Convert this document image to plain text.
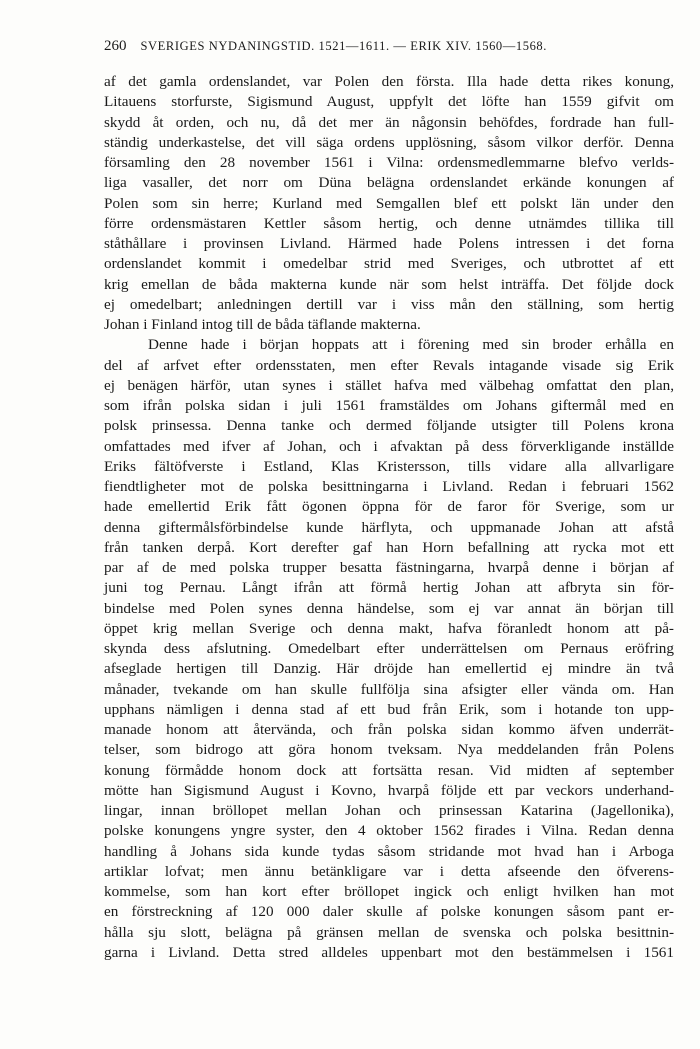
260 SVERIGES NYDANINGSTID. 1521—1611. — ERIK XIV. 1560—1568.
af det gamla ordenslandet, var Polen den första. Illa hade detta rikes konung,
Litauens storfurste, Sigismund August, uppfylt det löfte han 1559 gifvit om
skydd åt orden, och nu, då det mer än någonsin behöfdes, fordrade han full-
ständig underkastelse, det vill säga ordens upplösning, såsom vilkor derför. Denna
församling den 28 november 1561 i Vilna: ordensmedlemmarne blefvo verlds-
liga vasaller, det norr om Düna belägna ordenslandet erkände konungen af
Polen som sin herre; Kurland med Semgallen blef ett polskt län under den
förre ordensmästaren Kettler såsom hertig, och denne utnämdes tillika till
ståthållare i provinsen Livland. Härmed hade Polens intressen i det forna
ordenslandet kommit i omedelbar strid med Sveriges, och utbrottet af ett
krig emellan de båda makterna kunde när som helst inträffa. Det följde dock
ej omedelbart; anledningen dertill var i viss mån den ställning, som hertig
Johan i Finland intog till de båda täflande makterna.
Denne hade i början hoppats att i förening med sin broder erhålla en
del af arfvet efter ordensstaten, men efter Revals intagande visade sig Erik
ej benägen härför, utan synes i stället hafva med välbehag omfattat den plan,
som ifrån polska sidan i juli 1561 framstäldes om Johans giftermål med en
polsk prinsessa. Denna tanke och dermed följande utsigter till Polens krona
omfattades med ifver af Johan, och i afvaktan på dess förverkligande inställde
Eriks fältöfverste i Estland, Klas Kristersson, tills vidare alla allvarligare
fiendtligheter mot de polska besittningarna i Livland. Redan i februari 1562
hade emellertid Erik fått ögonen öppna för de faror för Sverige, som ur
denna giftermålsförbindelse kunde härflyta, och uppmanade Johan att afstå
från tanken derpå. Kort derefter gaf han Horn befallning att rycka mot ett
par af de med polska trupper besatta fästningarna, hvarpå denne i början af
juni tog Pernau. Långt ifrån att förmå hertig Johan att afbryta sin för-
bindelse med Polen synes denna händelse, som ej var annat än början till
öppet krig mellan Sverige och denna makt, hafva föranledt honom att på-
skynda dess afslutning. Omedelbart efter underrättelsen om Pernaus eröfring
afseglade hertigen till Danzig. Här dröjde han emellertid ej mindre än två
månader, tvekande om han skulle fullfölja sina afsigter eller vända om. Han
upphans nämligen i denna stad af ett bud från Erik, som i hotande ton upp-
manade honom att återvända, och från polska sidan kommo äfven underrät-
telser, som bidrogo att göra honom tveksam. Nya meddelanden från Polens
konung förmådde honom dock att fortsätta resan. Vid midten af september
mötte han Sigismund August i Kovno, hvarpå följde ett par veckors underhand-
lingar, innan bröllopet mellan Johan och prinsessan Katarina (Jagellonika),
polske konungens yngre syster, den 4 oktober 1562 firades i Vilna. Redan denna
handling å Johans sida kunde tydas såsom stridande mot hvad han i Arboga
artiklar lofvat; men ännu betänkligare var i detta afseende den öfverens-
kommelse, som han kort efter bröllopet ingick och enligt hvilken han mot
en förstreckning af 120 000 daler skulle af polske konungen såsom pant er-
hålla sju slott, belägna på gränsen mellan de svenska och polska besittnin-
garna i Livland. Detta stred alldeles uppenbart mot den bestämmelsen i 1561
